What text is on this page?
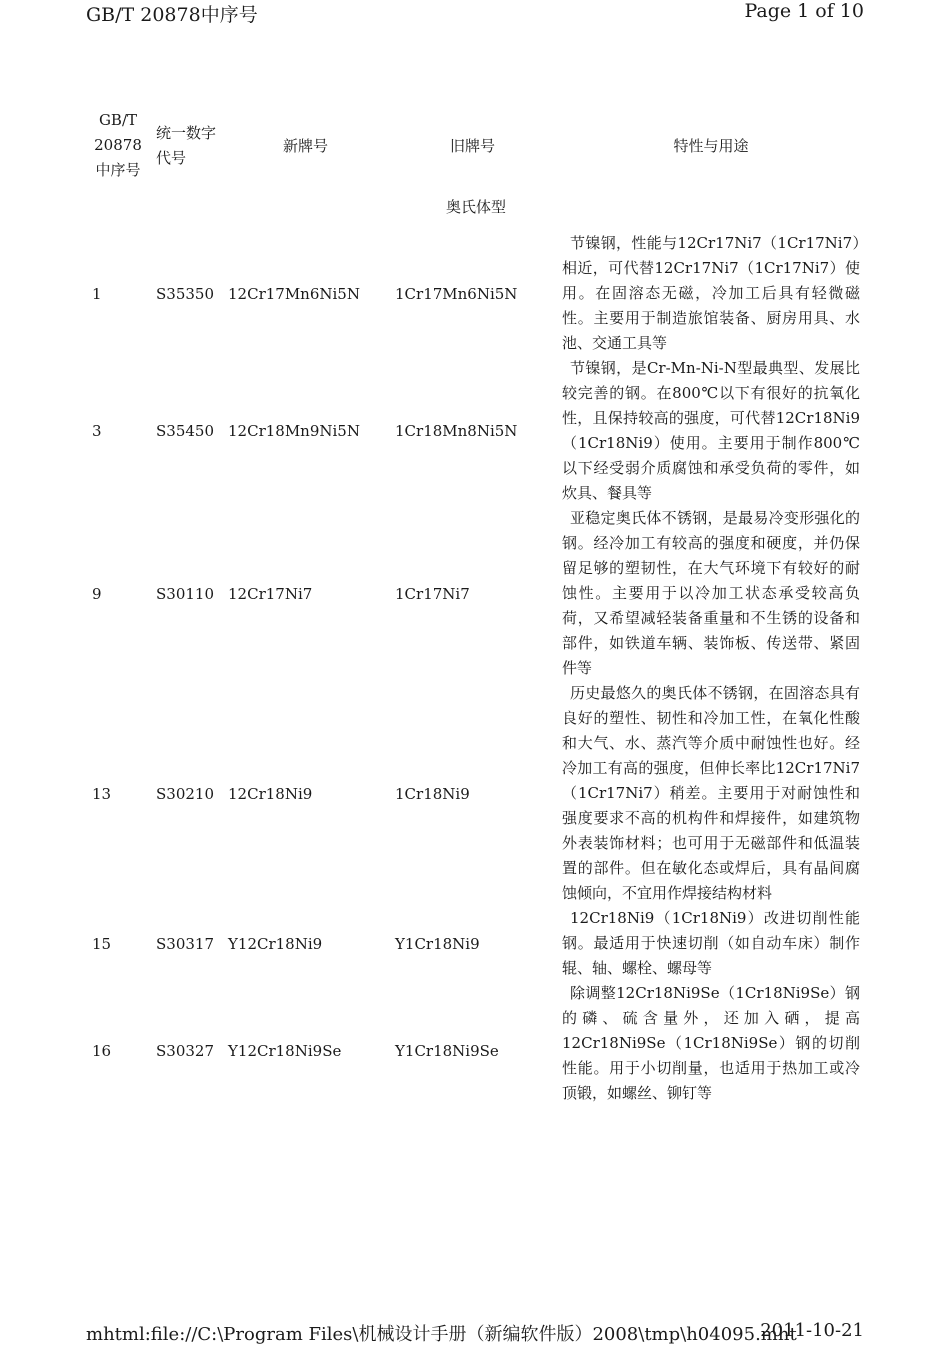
GB/T 20878中序号	Page 1 of 10
GB/T 20878中序号	统一数字代号	新牌号	旧牌号	特性与用途
奥氏体型				
1	S35350	12Cr17Mn6Ni5N	1Cr17Mn6Ni5N	节镍钢，性能与12Cr17Ni7（1Cr17Ni7）相近，可代替12Cr17Ni7（1Cr17Ni7）使用。在固溶态无磁，冷加工后具有轻微磁性。主要用于制造旅馆装备、厨房用具、水池、交通工具等
3	S35450	12Cr18Mn9Ni5N	1Cr18Mn8Ni5N	节镍钢，是Cr-Mn-Ni-N型最典型、发展比较完善的钢。在800℃以下有很好的抗氧化性，且保持较高的强度，可代替12Cr18Ni9（1Cr18Ni9）使用。主要用于制作800℃以下经受弱介质腐蚀和承受负荷的零件，如炊具、餐具等
9	S30110	12Cr17Ni7	1Cr17Ni7	亚稳定奥氏体不锈钢，是最易冷变形强化的钢。经冷加工有较高的强度和硬度，并仍保留足够的塑韧性，在大气环境下有较好的耐蚀性。主要用于以冷加工状态承受较高负荷，又希望减轻装备重量和不生锈的设备和部件，如铁道车辆、装饰板、传送带、紧固件等
13	S30210	12Cr18Ni9	1Cr18Ni9	历史最悠久的奥氏体不锈钢，在固溶态具有良好的塑性、韧性和冷加工性，在氧化性酸和大气、水、蒸汽等介质中耐蚀性也好。经冷加工有高的强度，但伸长率比12Cr17Ni7（1Cr17Ni7）稍差。主要用于对耐蚀性和强度要求不高的机构件和焊接件，如建筑物外表装饰材料；也可用于无磁部件和低温装置的部件。但在敏化态或焊后，具有晶间腐蚀倾向，不宜用作焊接结构材料
15	S30317	Y12Cr18Ni9	Y1Cr18Ni9	12Cr18Ni9（1Cr18Ni9）改进切削性能钢。最适用于快速切削（如自动车床）制作辊、轴、螺栓、螺母等
16	S30327	Y12Cr18Ni9Se	Y1Cr18Ni9Se	除调整12Cr18Ni9Se（1Cr18Ni9Se）钢的磷、硫含量外，还加入硒，提高12Cr18Ni9Se（1Cr18Ni9Se）钢的切削性能。用于小切削量，也适用于热加工或冷顶锻，如螺丝、铆钉等
mhtml:file://C:\Program Files\机械设计手册（新编软件版）2008\tmp\h04095.mht
2011-10-21
